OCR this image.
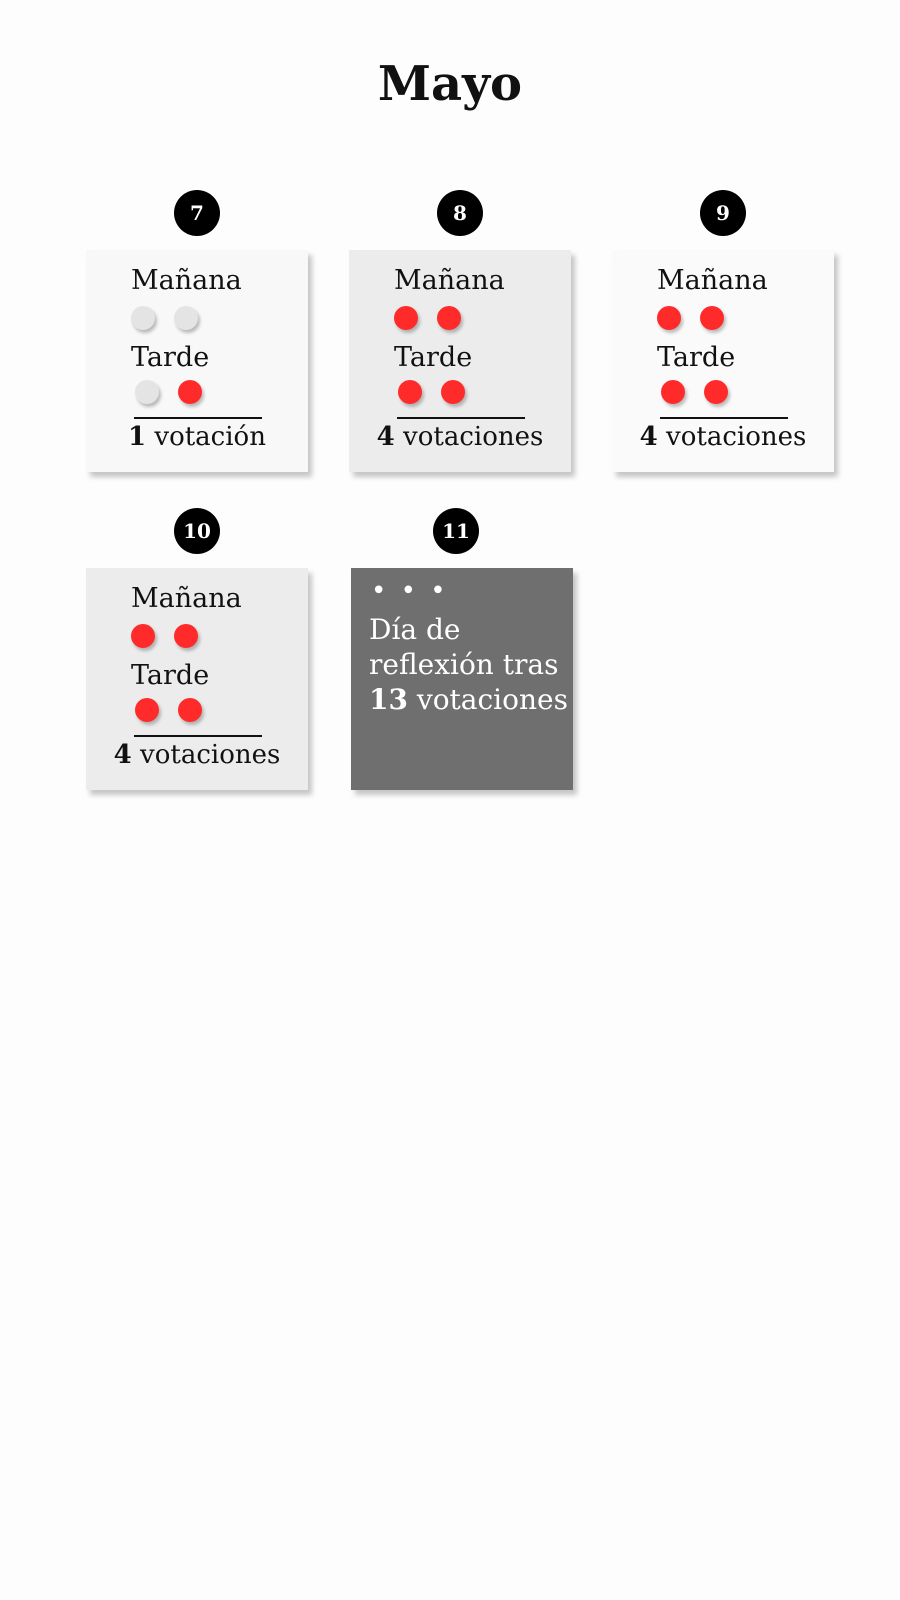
Mayo
7
Mañana
Tarde
1 votación
8
Mañana
Tarde
4 votaciones
9
Mañana
Tarde
4 votaciones
10
Mañana
Tarde
4 votaciones
11
• • •
Día de
reflexión tras
13 votaciones
